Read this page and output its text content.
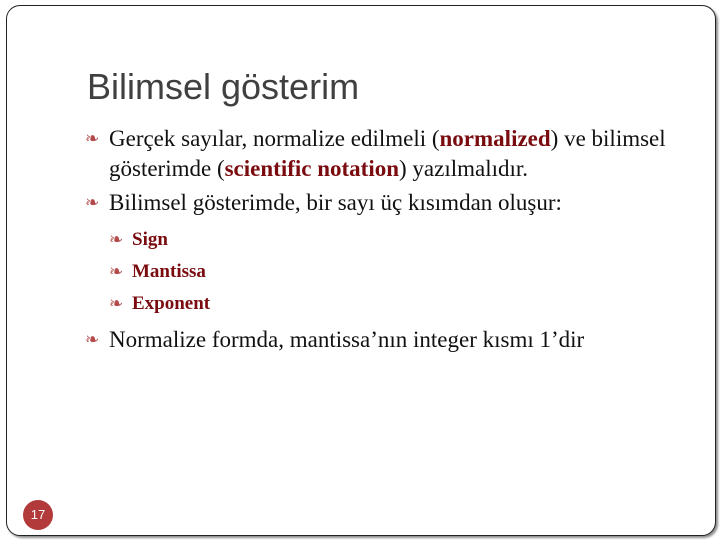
Bilimsel gösterim
❧ Gerçek sayılar, normalize edilmeli (normalized) ve bilimsel gösterimde (scientific notation) yazılmalıdır.
❧ Bilimsel gösterimde, bir sayı üç kısımdan oluşur:
❧ Sign
❧ Mantissa
❧ Exponent
❧ Normalize formda, mantissa’nın integer kısmı 1’dir
17
